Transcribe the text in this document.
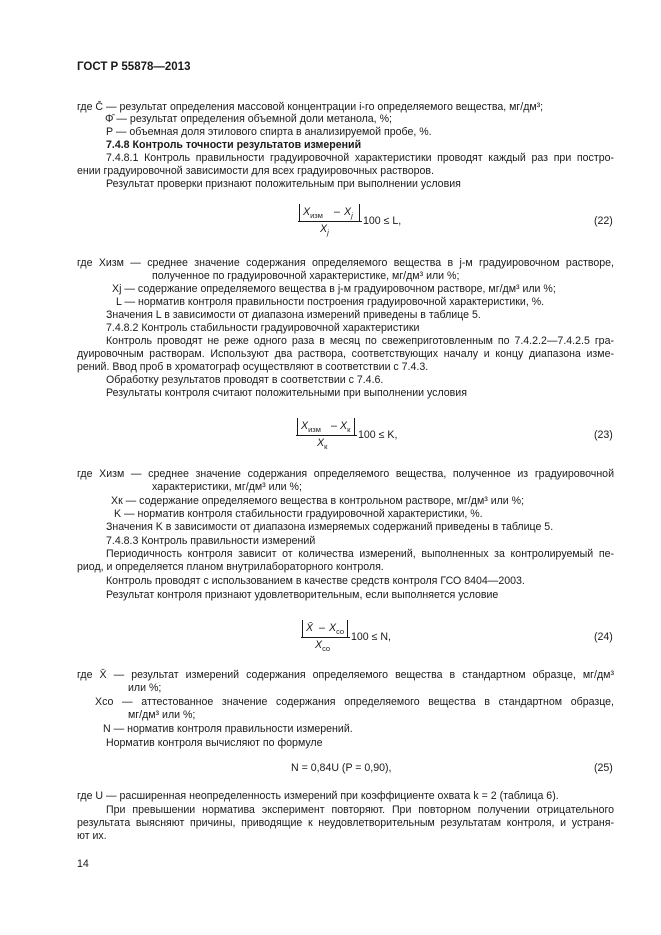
ГОСТ Р 55878—2013
где C̄ — результат определения массовой концентрации i-го определяемого вещества, мг/дм³;
Φ̄ — результат определения объемной доли метанола, %;
P — объемная доля этилового спирта в анализируемой пробе, %.
7.4.8 Контроль точности результатов измерений
7.4.8.1 Контроль правильности градуировочной характеристики проводят каждый раз при постро-
ении градуировочной зависимости для всех градуировочных растворов.
Результат проверки признают положительным при выполнении условия
$X_{изм} - X_j$
$X_j$
100 ≤ L,	(22)
где Xизм — среднее значение содержания определяемого вещества в j-м градуировочном растворе,
полученное по градуировочной характеристике, мг/дм³ или %;
Xj — содержание определяемого вещества в j-м градуировочном растворе, мг/дм³ или %;
L — норматив контроля правильности построения градуировочной характеристики, %.
Значения L в зависимости от диапазона измерений приведены в таблице 5.
7.4.8.2 Контроль стабильности градуировочной характеристики
Контроль проводят не реже одного раза в месяц по свежеприготовленным по 7.4.2.2—7.4.2.5 гра-
дуировочным растворам. Используют два раствора, соответствующих началу и концу диапазона изме-
рений. Ввод проб в хроматограф осуществляют в соответствии с 7.4.3.
Обработку результатов проводят в соответствии с 7.4.6.
Результаты контроля считают положительными при выполнении условия
$X_{изм} - X_к$
$X_к$
100 ≤ K,	(23)
где Xизм — среднее значение содержания определяемого вещества, полученное из градуировочной
характеристики, мг/дм³ или %;
Xк — содержание определяемого вещества в контрольном растворе, мг/дм³ или %;
K — норматив контроля стабильности градуировочной характеристики, %.
Значения K в зависимости от диапазона измеряемых содержаний приведены в таблице 5.
7.4.8.3 Контроль правильности измерений
Периодичность контроля зависит от количества измерений, выполненных за контролируемый пе-
риод, и определяется планом внутрилабораторного контроля.
Контроль проводят с использованием в качестве средств контроля ГСО 8404—2003.
Результат контроля признают удовлетворительным, если выполняется условие
X̄ – $X_{со}$
$X_{со}$
100 ≤ N,	(24)
где X̄ — результат измерений содержания определяемого вещества в стандартном образце, мг/дм³
или %;
Xсо — аттестованное значение содержания определяемого вещества в стандартном образце,
мг/дм³ или %;
N — норматив контроля правильности измерений.
Норматив контроля вычисляют по формуле
N = 0,84U (P = 0,90),	(25)
где U — расширенная неопределенность измерений при коэффициенте охвата k = 2 (таблица 6).
При превышении норматива эксперимент повторяют. При повторном получении отрицательного
результата выясняют причины, приводящие к неудовлетворительным результатам контроля, и устраня-
ют их.
14
